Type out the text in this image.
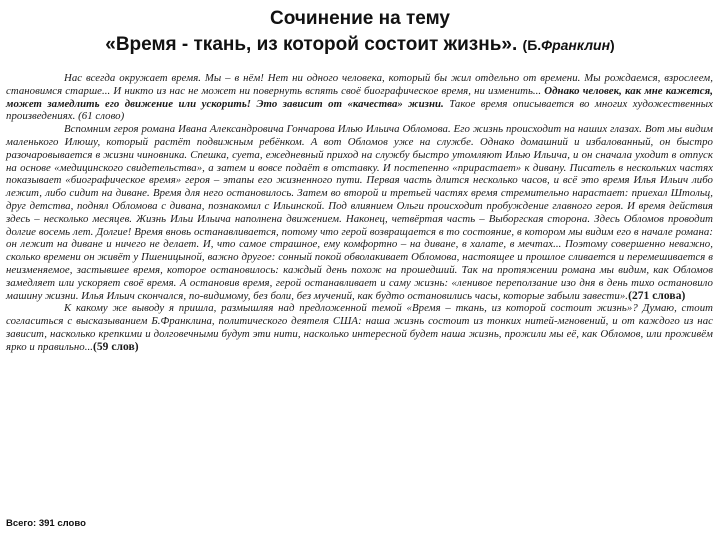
Сочинение на тему
«Время - ткань, из которой состоит жизнь». (Б.Франклин)

Нас всегда окружает время. Мы – в нём! Нет ни одного человека, который бы жил отдельно от времени. Мы рождаемся, взрослеем, становимся старше... И никто из нас не может ни повернуть вспять своё биографическое время, ни изменить... Однако человек, как мне кажется, может замедлить его движение или ускорить! Это зависит от «качества» жизни. Такое время описывается во многих художественных произведениях. (61 слово)

Вспомним героя романа Ивана Александровича Гончарова Илью Ильича Обломова. Его жизнь происходит на наших глазах. Вот мы видим маленького Илюшу, который растёт подвижным ребёнком. А вот Обломов уже на службе. Однако домашний и избалованный, он быстро разочаровывается в жизни чиновника. Спешка, суета, ежедневный приход на службу быстро утомляют Илью Ильича, и он сначала уходит в отпуск на основе «медицинского свидетельства», а затем и вовсе подаёт в отставку. И постепенно «прирастает» к дивану. Писатель в нескольких частях показывает «биографическое время» героя – этапы его жизненного пути. Первая часть длится несколько часов, и всё это время Илья Ильич либо лежит, либо сидит на диване. Время для него остановилось. Затем во второй и третьей частях время стремительно нарастает: приехал Штольц, друг детства, поднял Обломова с дивана, познакомил с Ильинской. Под влиянием Ольги происходит пробуждение главного героя. И время действия здесь – несколько месяцев. Жизнь Ильи Ильича наполнена движением. Наконец, четвёртая часть – Выборгская сторона. Здесь Обломов проводит долгие восемь лет. Долгие! Время вновь останавливается, потому что герой возвращается в то состояние, в котором мы видим его в начале романа: он лежит на диване и ничего не делает. И, что самое страшное, ему комфортно – на диване, в халате, в мечтах... Поэтому совершенно неважно, сколько времени он живёт у Пшеницыной, важно другое: сонный покой обволакивает Обломова, настоящее и прошлое сливается и перемешивается в неизменяемое, застывшее время, которое остановилось: каждый день похож на прошедший. Так на протяжении романа мы видим, как Обломов замедляет или ускоряет своё время. А остановив время, герой останавливает и саму жизнь: «ленивое переползание изо дня в день тихо остановило машину жизни. Илья Ильич скончался, по-видимому, без боли, без мучений, как будто остановились часы, которые забыли завести».(271 слова)

К какому же выводу я пришла, размышляя над предложенной темой «Время – ткань, из которой состоит жизнь»? Думаю, стоит согласиться с высказыванием Б.Франклина, политического деятеля США: наша жизнь состоит из тонких нитей-мгновений, и от каждого из нас зависит, насколько крепкими и долговечными будут эти нити, насколько интересной будет наша жизнь, прожили мы её, как Обломов, или проживём ярко и правильно...(59 слов)

Всего: 391 слово
